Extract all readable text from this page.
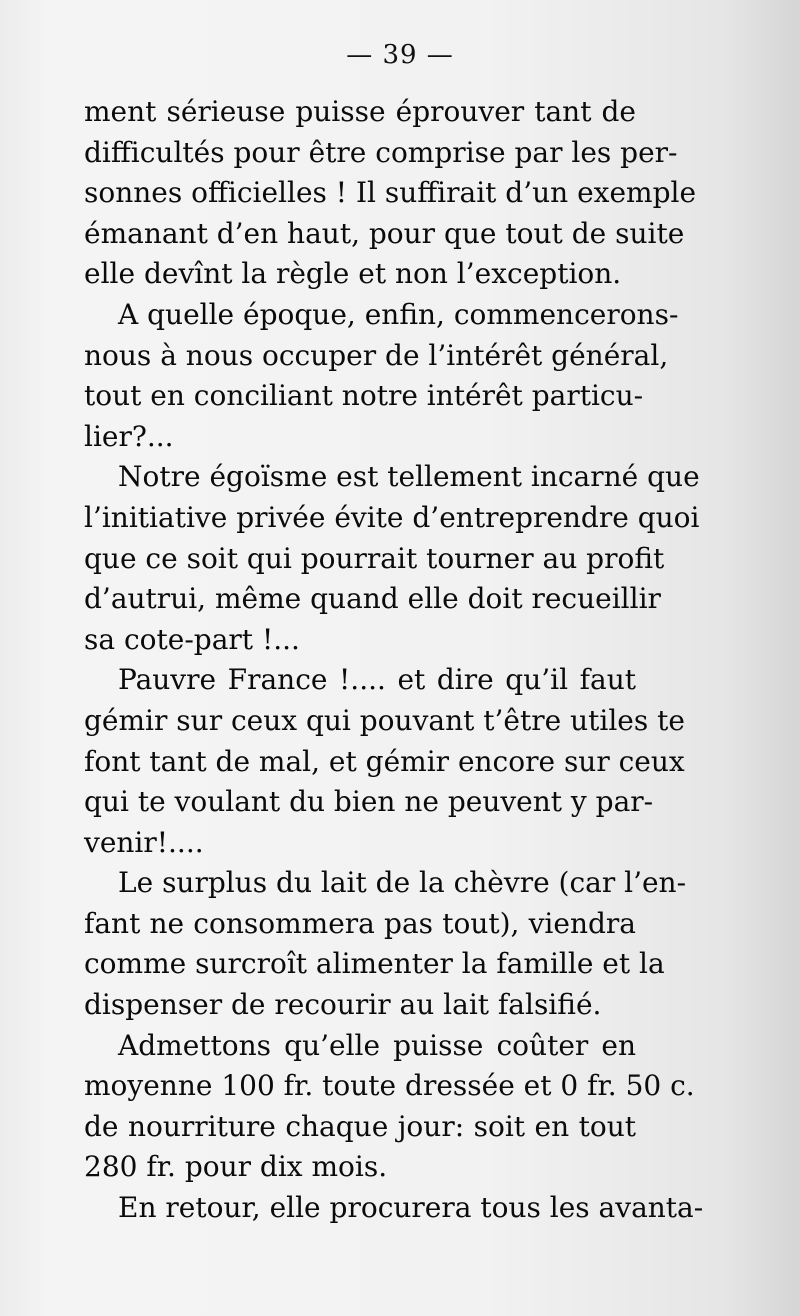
— 39 —
ment sérieuse puisse éprouver tant de
difficultés pour être comprise par les per-
sonnes officielles ! Il suffirait d’un exemple
émanant d’en haut, pour que tout de suite
elle devînt la règle et non l’exception.
A quelle époque, enfin, commencerons-
nous à nous occuper de l’intérêt général,
tout en conciliant notre intérêt particu-
lier?...
Notre égoïsme est tellement incarné que
l’initiative privée évite d’entreprendre quoi
que ce soit qui pourrait tourner au profit
d’autrui, même quand elle doit recueillir
sa cote-part !...
Pauvre France !.... et dire qu’il faut
gémir sur ceux qui pouvant t’être utiles te
font tant de mal, et gémir encore sur ceux
qui te voulant du bien ne peuvent y par-
venir!....
Le surplus du lait de la chèvre (car l’en-
fant ne consommera pas tout), viendra
comme surcroît alimenter la famille et la
dispenser de recourir au lait falsifié.
Admettons qu’elle puisse coûter en
moyenne 100 fr. toute dressée et 0 fr. 50 c.
de nourriture chaque jour: soit en tout
280 fr. pour dix mois.
En retour, elle procurera tous les avanta-
